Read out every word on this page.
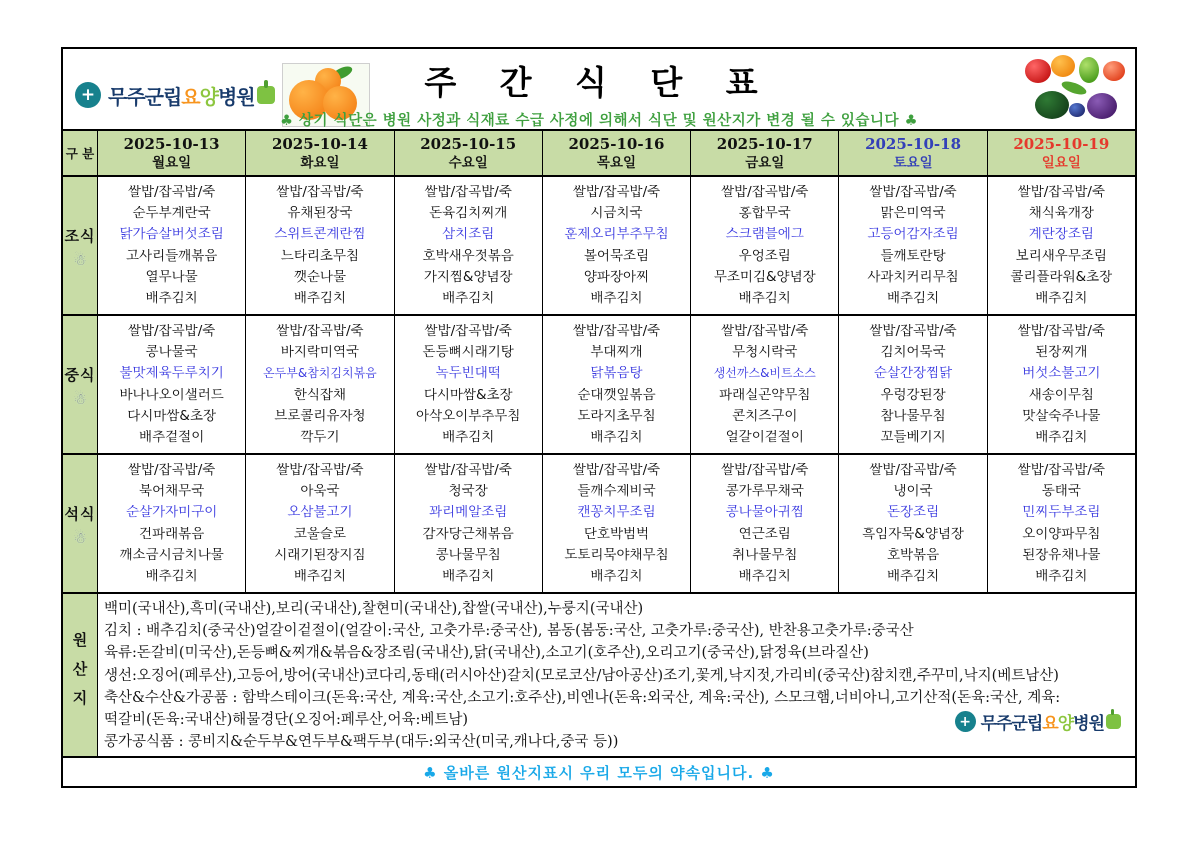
+ 무주군립 요 양 병원	주 간 식 단 표
♣ 상기 식단은 병원 사정과 식재료 수급 사정에 의해서 식단 및 원산지가 변경 될 수 있습니다 ♣
구 분
2025-10-13
월요일
2025-10-14
화요일
2025-10-15
수요일
2025-10-16
목요일
2025-10-17
금요일
2025-10-18
토요일
2025-10-19
일요일
조식
☃
쌀밥/잡곡밥/죽
순두부계란국
닭가슴살버섯조림
고사리들깨볶음
열무나물
배추김치
쌀밥/잡곡밥/죽
유채된장국
스위트콘계란찜
느타리초무침
깻순나물
배추김치
쌀밥/잡곡밥/죽
돈육김치찌개
삼치조림
호박새우젓볶음
가지찜&양념장
배추김치
쌀밥/잡곡밥/죽
시금치국
훈제오리부추무침
볼어묵조림
양파장아찌
배추김치
쌀밥/잡곡밥/죽
홍합무국
스크램블에그
우엉조림
무조미김&양념장
배추김치
쌀밥/잡곡밥/죽
맑은미역국
고등어감자조림
들깨토란탕
사과치커리무침
배추김치
쌀밥/잡곡밥/죽
채식육개장
계란장조림
보리새우무조림
콜리플라워&초장
배추김치
중식
☃
쌀밥/잡곡밥/죽
콩나물국
불맛제육두루치기
바나나오이샐러드
다시마쌈&초장
배추겉절이
쌀밥/잡곡밥/죽
바지락미역국
온두부&참치김치볶음
한식잡채
브로콜리유자청
깍두기
쌀밥/잡곡밥/죽
돈등뼈시래기탕
녹두빈대떡
다시마쌈&초장
아삭오이부추무침
배추김치
쌀밥/잡곡밥/죽
부대찌개
닭볶음탕
순대깻잎볶음
도라지초무침
배추김치
쌀밥/잡곡밥/죽
무청시락국
생선까스&비트소스
파래실곤약무침
콘치즈구이
얼갈이겉절이
쌀밥/잡곡밥/죽
김치어묵국
순살간장찜닭
우렁강된장
참나물무침
꼬들베기지
쌀밥/잡곡밥/죽
된장찌개
버섯소불고기
새송이무침
맛살숙주나물
배추김치
석식
☃
쌀밥/잡곡밥/죽
북어채무국
순살가자미구이
건파래볶음
깨소금시금치나물
배추김치
쌀밥/잡곡밥/죽
아욱국
오삼불고기
코울슬로
시래기된장지짐
배추김치
쌀밥/잡곡밥/죽
청국장
꽈리메알조림
감자당근채볶음
콩나물무침
배추김치
쌀밥/잡곡밥/죽
들깨수제비국
캔꽁치무조림
단호박범벅
도토리묵야채무침
배추김치
쌀밥/잡곡밥/죽
콩가루무채국
콩나물아귀찜
연근조림
취나물무침
배추김치
쌀밥/잡곡밥/죽
냉이국
돈장조림
흑임자묵&양념장
호박볶음
배추김치
쌀밥/잡곡밥/죽
동태국
민찌두부조림
오이양파무침
된장유채나물
배추김치
원산지
백미(국내산),흑미(국내산),보리(국내산),찰현미(국내산),찹쌀(국내산),누룽지(국내산)
김치 : 배추김치(중국산)얼갈이겉절이(얼갈이:국산, 고춧가루:중국산), 봄동(봄동:국산, 고춧가루:중국산), 반찬용고춧가루:중국산
육류:돈갈비(미국산),돈등뼈&찌개&볶음&장조림(국내산),닭(국내산),소고기(호주산),오리고기(중국산),닭정육(브라질산)
생선:오징어(페루산),고등어,방어(국내산)코다리,동태(러시아산)갈치(모로코산/남아공산)조기,꽃게,낙지젓,가리비(중국산)참치캔,주꾸미,낙지(베트남산)
축산&수산&가공품 : 함박스테이크(돈육:국산, 계육:국산,소고기:호주산),비엔나(돈육:외국산, 계육:국산), 스모크햄,너비아니,고기산적(돈육:국산, 계육:
떡갈비(돈육:국내산)해물경단(오징어:페루산,어육:베트남)
콩가공식품 : 콩비지&순두부&연두부&팩두부(대두:외국산(미국,캐나다,중국 등))
+ 무주군립 요 양 병원
♣ 올바른 원산지표시 우리 모두의 약속입니다. ♣
